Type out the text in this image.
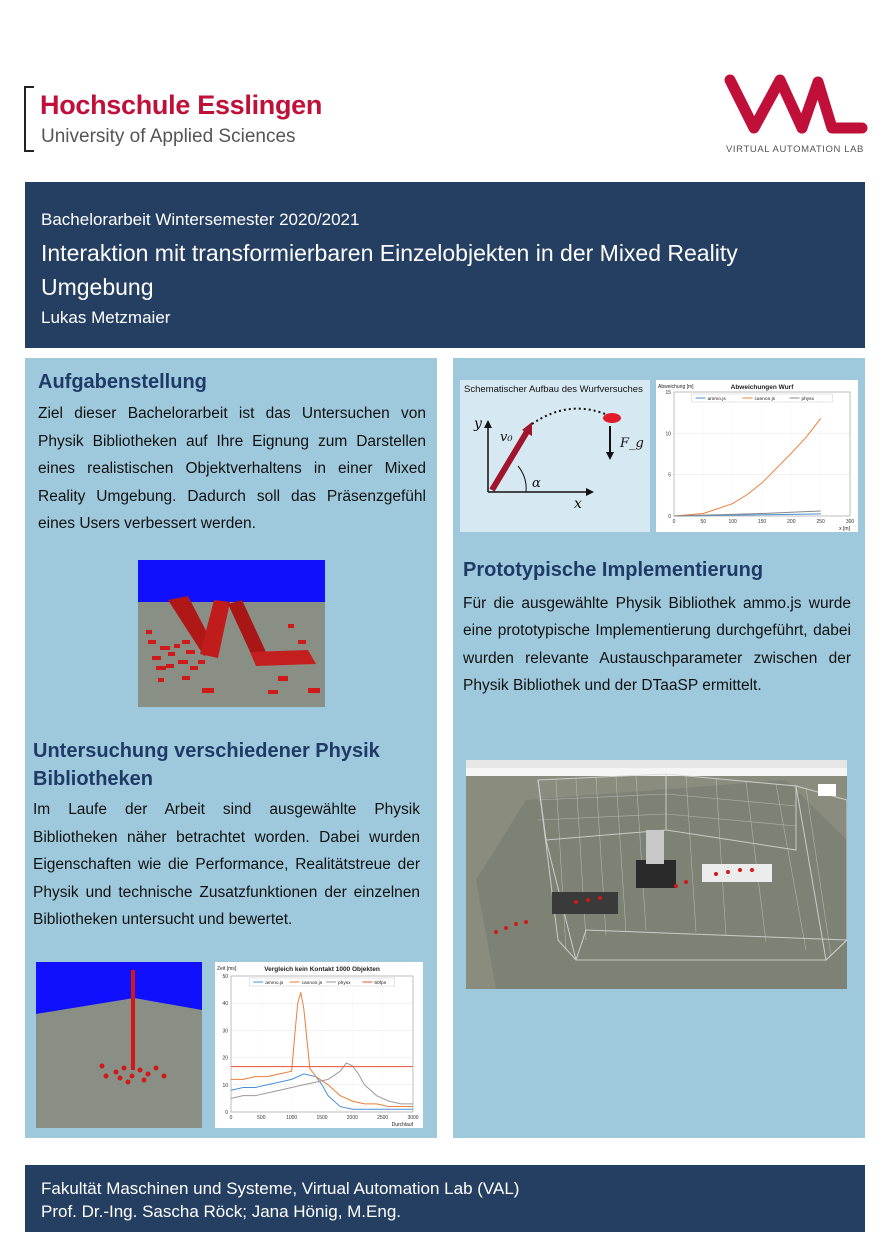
Hochschule Esslingen
University of Applied Sciences
VIRTUAL AUTOMATION LAB
Bachelorarbeit Wintersemester 2020/2021
Interaktion mit transformierbaren Einzelobjekten in der Mixed Reality Umgebung
Lukas Metzmaier
Aufgabenstellung
Ziel dieser Bachelorarbeit ist das Untersuchen von Physik Bibliotheken auf Ihre Eignung zum Darstellen eines realistischen Objektverhaltens in einer Mixed Reality Umgebung. Dadurch soll das Präsenzgefühl eines Users verbessert werden.
Untersuchung verschiedener Physik Bibliotheken
Im Laufe der Arbeit sind ausgewählte Physik Bibliotheken näher betrachtet worden. Dabei wurden Eigenschaften wie die Performance, Realitätstreue der Physik und technische Zusatzfunktionen der einzelnen Bibliotheken untersucht und bewertet.
Vergleich kein Kontakt 1000 Objekten
Zeit [ms]
Durchlauf
0
10
20
30
40
50
0	500	1000	1500	2000	2500	3000
ammo.js	cannon.js	physx	60fps
Schematischer Aufbau des Wurfversuches
y
x
v₀
α
F_g
Abweichungen Wurf
Abweichung [m]
x [m]
0
5
10
15
0	50	100	150	200	250	300
ammo.js	cannon.js	physx
Prototypische Implementierung
Für die ausgewählte Physik Bibliothek ammo.js wurde eine prototypische Implementierung durchgeführt, dabei wurden relevante Austauschparameter zwischen der Physik Bibliothek und der DTaaSP ermittelt.
Fakultät Maschinen und Systeme, Virtual Automation Lab (VAL)
Prof. Dr.-Ing. Sascha Röck; Jana Hönig, M.Eng.
